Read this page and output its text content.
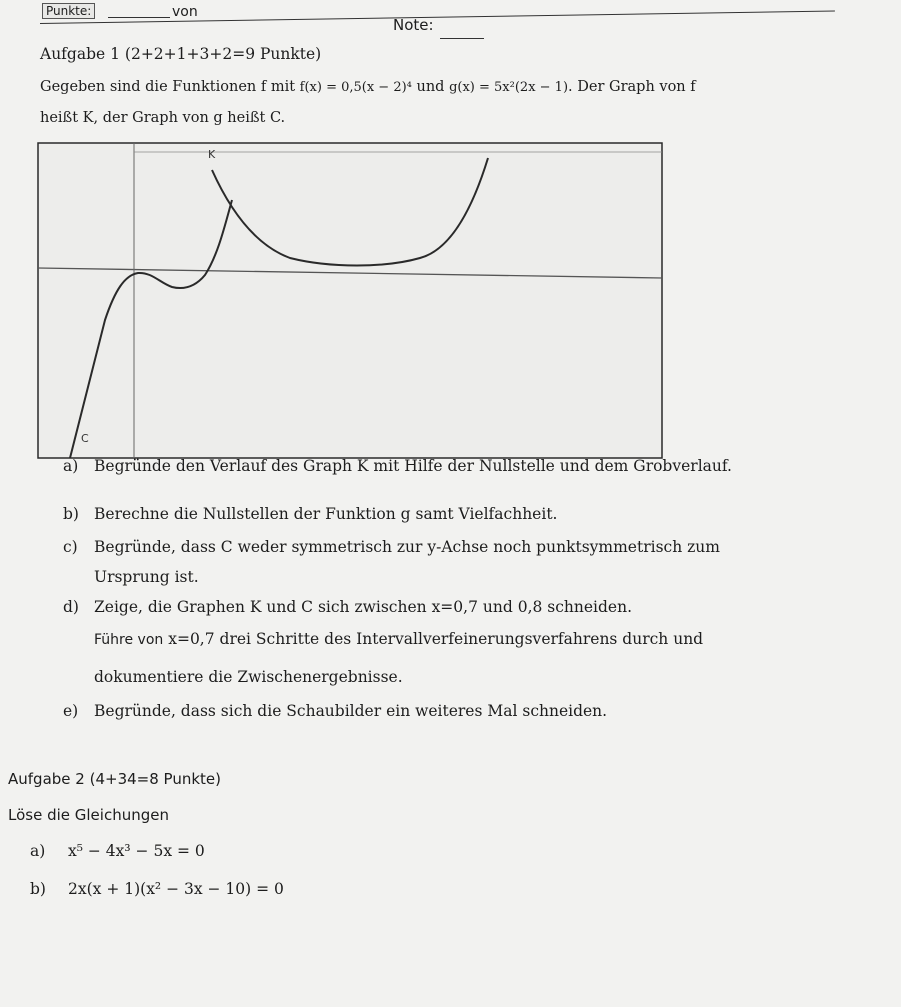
Punkte:	von
Note:
Aufgabe 1 (2+2+1+3+2=9 Punkte)
Gegeben sind die Funktionen f mit f(x) = 0,5(x − 2)⁴ und g(x) = 5x²(2x − 1). Der Graph von f
heißt K, der Graph von g heißt C.
K
C
a) Begründe den Verlauf des Graph K mit Hilfe der Nullstelle und dem Grobverlauf.
b) Berechne die Nullstellen der Funktion g samt Vielfachheit.
c) Begründe, dass C weder symmetrisch zur y-Achse noch punktsymmetrisch zum
Ursprung ist.
d) Zeige, die Graphen K und C sich zwischen x=0,7 und 0,8 schneiden.
Führe von x=0,7 drei Schritte des Intervallverfeinerungsverfahrens durch und
dokumentiere die Zwischenergebnisse.
e) Begründe, dass sich die Schaubilder ein weiteres Mal schneiden.
Aufgabe 2 (4+34=8 Punkte)
Löse die Gleichungen
a) x⁵ − 4x³ − 5x = 0
b) 2x(x + 1)(x² − 3x − 10) = 0
